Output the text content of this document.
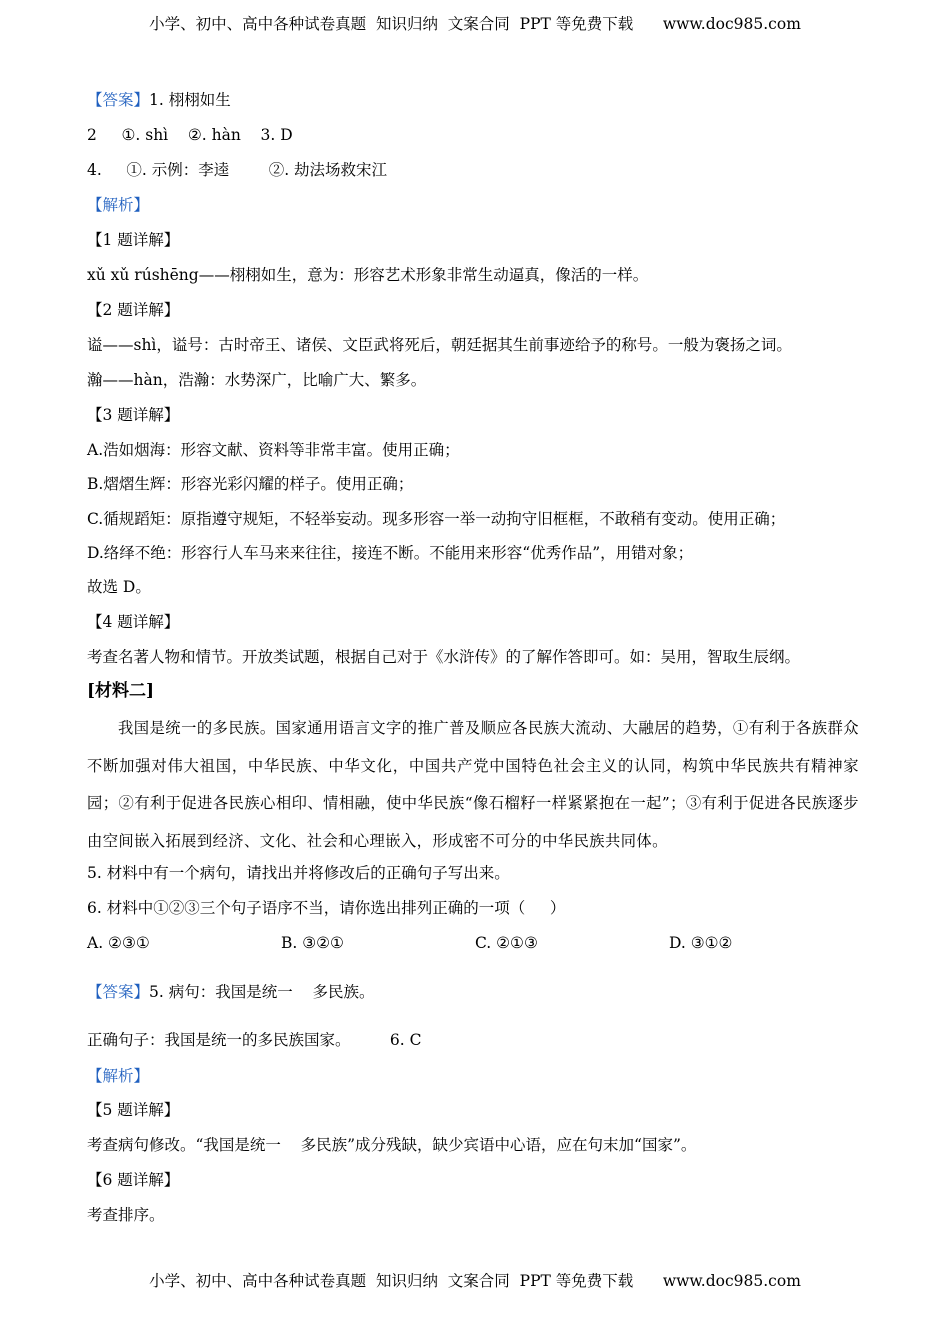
小学、初中、高中各种试卷真题  知识归纳  文案合同  PPT 等免费下载      www.doc985.com
【答案】1. 栩栩如生
2     ①. shì    ②. hàn    3. D
4.     ①. 示例：李逵        ②. 劫法场救宋江
【解析】
【1 题详解】
xǔ xǔ rúshēng——栩栩如生，意为：形容艺术形象非常生动逼真，像活的一样。
【2 题详解】
谥——shì，谥号：古时帝王、诸侯、文臣武将死后，朝廷据其生前事迹给予的称号。一般为褒扬之词。
瀚——hàn，浩瀚：水势深广，比喻广大、繁多。
【3 题详解】
A.浩如烟海：形容文献、资料等非常丰富。使用正确；
B.熠熠生辉：形容光彩闪耀的样子。使用正确；
C.循规蹈矩：原指遵守规矩，不轻举妄动。现多形容一举一动拘守旧框框，不敢稍有变动。使用正确；
D.络绎不绝：形容行人车马来来往往，接连不断。不能用来形容“优秀作品”，用错对象；
故选 D。
【4 题详解】
考查名著人物和情节。开放类试题，根据自己对于《水浒传》的了解作答即可。如：吴用，智取生辰纲。
[材料二]
我国是统一的多民族。国家通用语言文字的推广普及顺应各民族大流动、大融居的趋势，①有利于各族群众不断加强对伟大祖国，中华民族、中华文化，中国共产党中国特色社会主义的认同，构筑中华民族共有精神家园；②有利于促进各民族心相印、情相融，使中华民族“像石榴籽一样紧紧抱在一起”；③有利于促进各民族逐步由空间嵌入拓展到经济、文化、社会和心理嵌入，形成密不可分的中华民族共同体。
5. 材料中有一个病句，请找出并将修改后的正确句子写出来。
6. 材料中①②③三个句子语序不当，请你选出排列正确的一项（     ）
A. ②③①	B. ③②①	C. ②①③	D. ③①②
【答案】5. 病句：我国是统一    多民族。
正确句子：我国是统一的多民族国家。        6. C
【解析】
【5 题详解】
考查病句修改。“我国是统一    多民族”成分残缺，缺少宾语中心语，应在句末加“国家”。
【6 题详解】
考查排序。
小学、初中、高中各种试卷真题  知识归纳  文案合同  PPT 等免费下载      www.doc985.com
